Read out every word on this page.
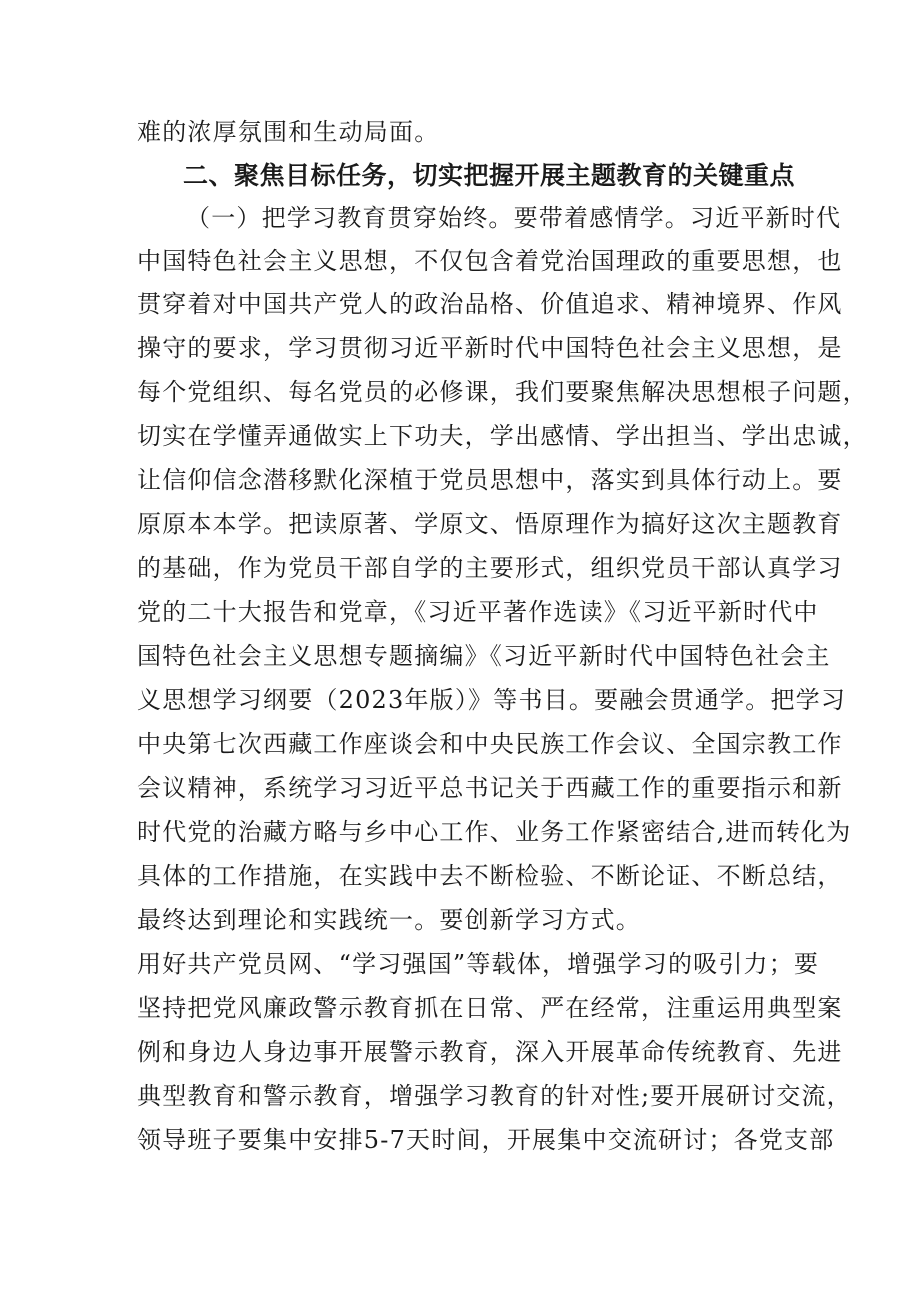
难的浓厚氛围和生动局面。
二、聚焦目标任务，切实把握开展主题教育的关键重点
（一）把学习教育贯穿始终。要带着感情学。习近平新时代
中国特色社会主义思想，不仅包含着党治国理政的重要思想，也
贯穿着对中国共产党人的政治品格、价值追求、精神境界、作风
操守的要求，学习贯彻习近平新时代中国特色社会主义思想，是
每个党组织、每名党员的必修课，我们要聚焦解决思想根子问题，
切实在学懂弄通做实上下功夫，学出感情、学出担当、学出忠诚，
让信仰信念潜移默化深植于党员思想中，落实到具体行动上。要
原原本本学。把读原著、学原文、悟原理作为搞好这次主题教育
的基础，作为党员干部自学的主要形式，组织党员干部认真学习
党的二十大报告和党章，《习近平著作选读》《习近平新时代中
国特色社会主义思想专题摘编》《习近平新时代中国特色社会主
义思想学习纲要（2023年版）》等书目。要融会贯通学。把学习
中央第七次西藏工作座谈会和中央民族工作会议、全国宗教工作
会议精神，系统学习习近平总书记关于西藏工作的重要指示和新
时代党的治藏方略与乡中心工作、业务工作紧密结合,进而转化为
具体的工作措施，在实践中去不断检验、不断论证、不断总结，
最终达到理论和实践统一。要创新学习方式。
用好共产党员网、“学习强国”等载体，增强学习的吸引力；要
坚持把党风廉政警示教育抓在日常、严在经常，注重运用典型案
例和身边人身边事开展警示教育，深入开展革命传统教育、先进
典型教育和警示教育，增强学习教育的针对性;要开展研讨交流，
领导班子要集中安排5-7天时间，开展集中交流研讨；各党支部
